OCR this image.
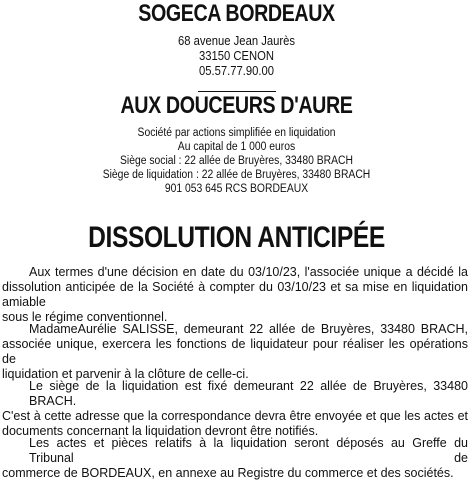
SOGECA BORDEAUX
68 avenue Jean Jaurès
33150 CENON
05.57.77.90.00
AUX DOUCEURS D'AURE
Société par actions simplifiée en liquidation
Au capital de 1 000 euros
Siège social : 22 allée de Bruyères, 33480 BRACH
Siège de liquidation : 22 allée de Bruyères, 33480 BRACH
901 053 645 RCS BORDEAUX
DISSOLUTION ANTICIPÉE
Aux termes d'une décision en date du 03/10/23, l'associée unique a décidé la
dissolution anticipée de la Société à compter du 03/10/23 et sa mise en liquidation amiable
sous le régime conventionnel.
MadameAurélie SALISSE, demeurant 22 allée de Bruyères, 33480 BRACH,
associée unique, exercera les fonctions de liquidateur pour réaliser les opérations de
liquidation et parvenir à la clôture de celle-ci.
Le siège de la liquidation est fixé demeurant 22 allée de Bruyères, 33480 BRACH.
C'est à cette adresse que la correspondance devra être envoyée et que les actes et
documents concernant la liquidation devront être notifiés.
Les actes et pièces relatifs à la liquidation seront déposés au Greffe du Tribunal de
commerce de BORDEAUX, en annexe au Registre du commerce et des sociétés.
